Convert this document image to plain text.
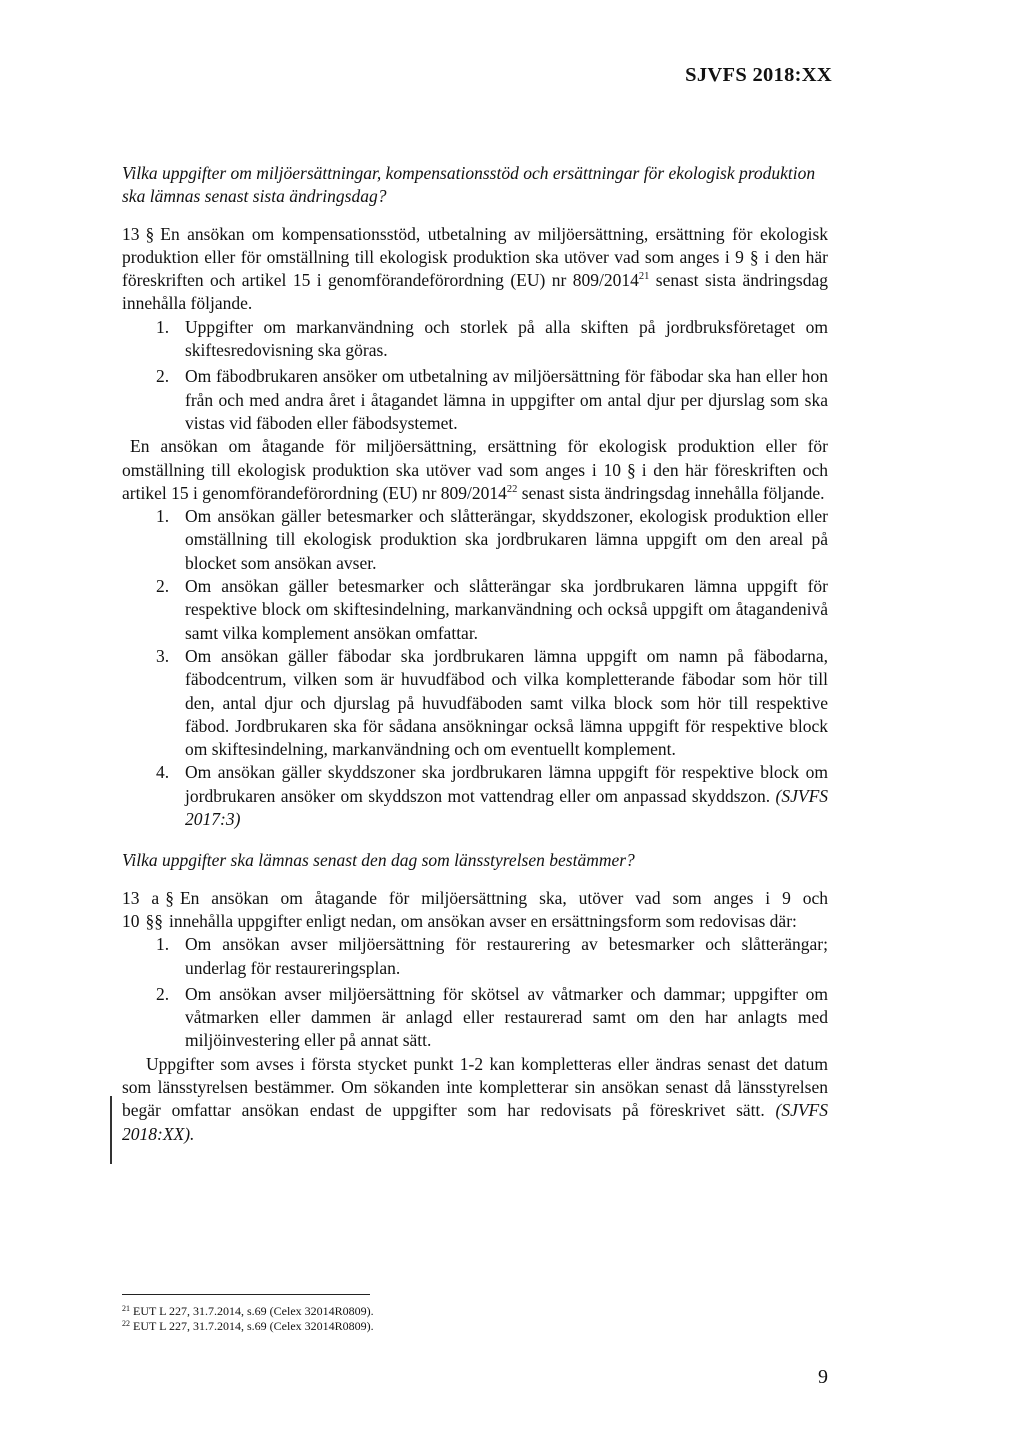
SJVFS 2018:XX

Vilka uppgifter om miljöersättningar, kompensationsstöd och ersättningar för ekologisk produktion ska lämnas senast sista ändringsdag?

13 § En ansökan om kompensationsstöd, utbetalning av miljöersättning, ersättning för ekologisk produktion eller för omställning till ekologisk produktion ska utöver vad som anges i 9 § i den här föreskriften och artikel 15 i genomförandeförordning (EU) nr 809/2014$^{21}$ senast sista ändringsdag innehålla följande.

1. Uppgifter om markanvändning och storlek på alla skiften på jordbruksföretaget om skiftesredovisning ska göras.
2. Om fäbodbrukaren ansöker om utbetalning av miljöersättning för fäbodar ska han eller hon från och med andra året i åtagandet lämna in uppgifter om antal djur per djurslag som ska vistas vid fäboden eller fäbodsystemet.

En ansökan om åtagande för miljöersättning, ersättning för ekologisk produktion eller för omställning till ekologisk produktion ska utöver vad som anges i 10 § i den här föreskriften och artikel 15 i genomförandeförordning (EU) nr 809/2014$^{22}$ senast sista ändringsdag innehålla följande.

1. Om ansökan gäller betesmarker och slåtterängar, skyddszoner, ekologisk produktion eller omställning till ekologisk produktion ska jordbrukaren lämna uppgift om den areal på blocket som ansökan avser.
2. Om ansökan gäller betesmarker och slåtterängar ska jordbrukaren lämna uppgift för respektive block om skiftesindelning, markanvändning och också uppgift om åtagandenivå samt vilka komplement ansökan omfattar.
3. Om ansökan gäller fäbodar ska jordbrukaren lämna uppgift om namn på fäbodarna, fäbodcentrum, vilken som är huvudfäbod och vilka kompletterande fäbodar som hör till den, antal djur och djurslag på huvudfäboden samt vilka block som hör till respektive fäbod. Jordbrukaren ska för sådana ansökningar också lämna uppgift för respektive block om skiftesindelning, markanvändning och om eventuellt komplement.
4. Om ansökan gäller skyddszoner ska jordbrukaren lämna uppgift för respektive block om jordbrukaren ansöker om skyddszon mot vattendrag eller om anpassad skyddszon. (SJVFS 2017:3)

Vilka uppgifter ska lämnas senast den dag som länsstyrelsen bestämmer?

13 a § En ansökan om åtagande för miljöersättning ska, utöver vad som anges i 9 och 10 §§ innehålla uppgifter enligt nedan, om ansökan avser en ersättningsform som redovisas där:

1. Om ansökan avser miljöersättning för restaurering av betesmarker och slåtterängar; underlag för restaureringsplan.
2. Om ansökan avser miljöersättning för skötsel av våtmarker och dammar; uppgifter om våtmarken eller dammen är anlagd eller restaurerad samt om den har anlagts med miljöinvestering eller på annat sätt.

Uppgifter som avses i första stycket punkt 1-2 kan kompletteras eller ändras senast det datum som länsstyrelsen bestämmer. Om sökanden inte kompletterar sin ansökan senast då länsstyrelsen begär omfattar ansökan endast de uppgifter som har redovisats på föreskrivet sätt. (SJVFS 2018:XX).

$^{21}$ EUT L 227, 31.7.2014, s.69 (Celex 32014R0809).
$^{22}$ EUT L 227, 31.7.2014, s.69 (Celex 32014R0809).
9
